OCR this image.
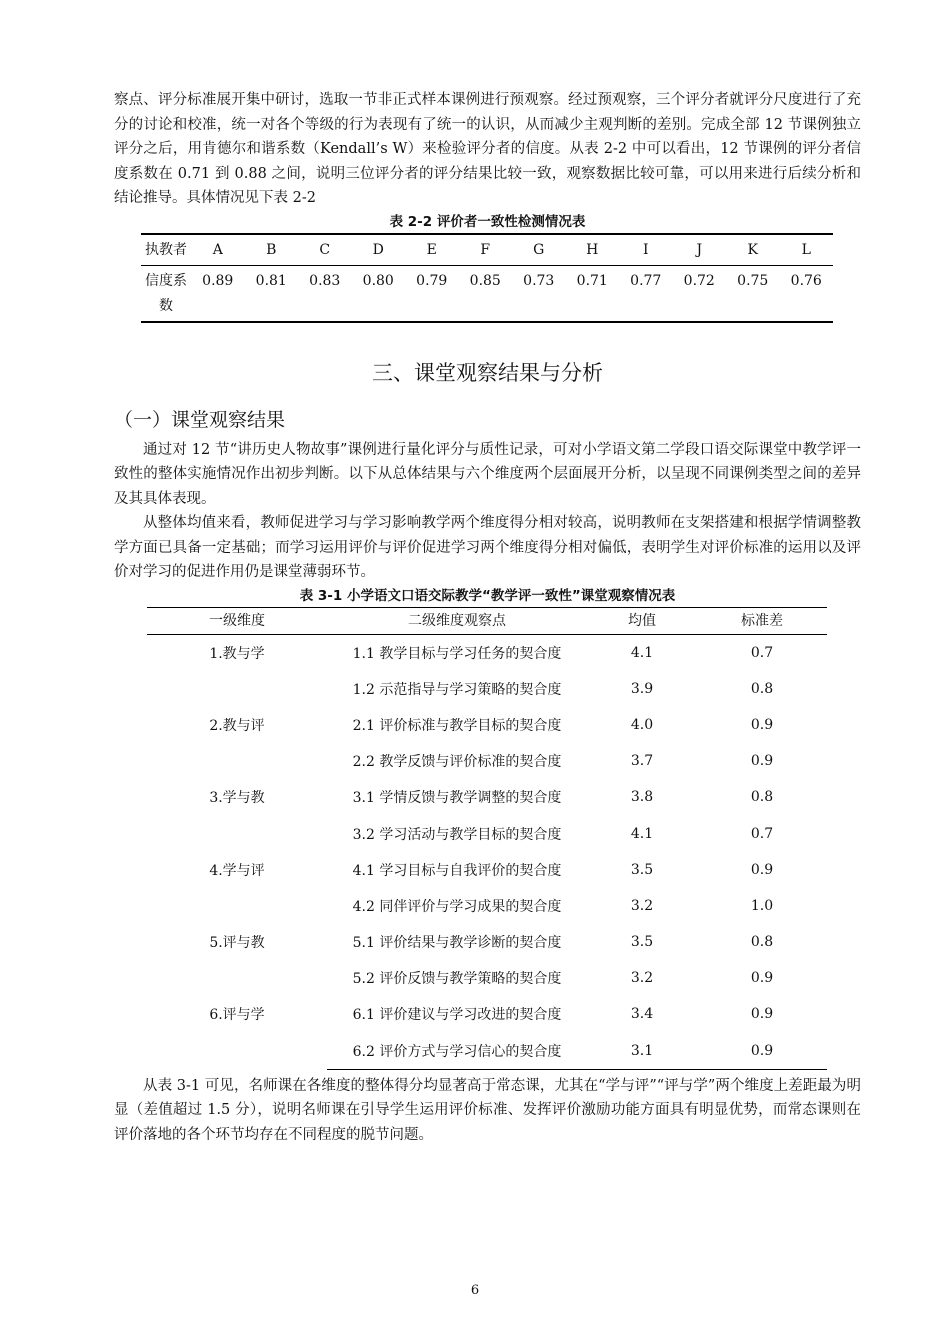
察点、评分标准展开集中研讨，选取一节非正式样本课例进行预观察。经过预观察，三个评分者就评分尺度进行了充分的讨论和校准，统一对各个等级的行为表现有了统一的认识，从而减少主观判断的差别。完成全部 12 节课例独立评分之后，用肯德尔和谐系数（Kendall’s W）来检验评分者的信度。从表 2-2 中可以看出，12 节课例的评分者信度系数在 0.71 到 0.88 之间，说明三位评分者的评分结果比较一致，观察数据比较可靠，可以用来进行后续分析和结论推导。具体情况见下表 2-2

表 2-2 评价者一致性检测情况表

执教者	A	B	C	D	E	F	G	H	I	J	K	L
信度系数	0.89	0.81	0.83	0.80	0.79	0.85	0.73	0.71	0.77	0.72	0.75	0.76
三、课堂观察结果与分析
（一）课堂观察结果

通过对 12 节“讲历史人物故事”课例进行量化评分与质性记录，可对小学语文第二学段口语交际课堂中教学评一致性的整体实施情况作出初步判断。以下从总体结果与六个维度两个层面展开分析，以呈现不同课例类型之间的差异及其具体表现。

从整体均值来看，教师促进学习与学习影响教学两个维度得分相对较高，说明教师在支架搭建和根据学情调整教学方面已具备一定基础；而学习运用评价与评价促进学习两个维度得分相对偏低，表明学生对评价标准的运用以及评价对学习的促进作用仍是课堂薄弱环节。

表 3-1 小学语文口语交际教学“教学评一致性”课堂观察情况表

一级维度	二级维度观察点	均值	标准差
1.教与学	1.1 教学目标与学习任务的契合度	4.1	0.7
	1.2 示范指导与学习策略的契合度	3.9	0.8
2.教与评	2.1 评价标准与教学目标的契合度	4.0	0.9
	2.2 教学反馈与评价标准的契合度	3.7	0.9
3.学与教	3.1 学情反馈与教学调整的契合度	3.8	0.8
	3.2 学习活动与教学目标的契合度	4.1	0.7
4.学与评	4.1 学习目标与自我评价的契合度	3.5	0.9
	4.2 同伴评价与学习成果的契合度	3.2	1.0
5.评与教	5.1 评价结果与教学诊断的契合度	3.5	0.8
	5.2 评价反馈与教学策略的契合度	3.2	0.9
6.评与学	6.1 评价建议与学习改进的契合度	3.4	0.9
	6.2 评价方式与学习信心的契合度	3.1	0.9

从表 3-1 可见，名师课在各维度的整体得分均显著高于常态课，尤其在“学与评”“评与学”两个维度上差距最为明显（差值超过 1.5 分），说明名师课在引导学生运用评价标准、发挥评价激励功能方面具有明显优势，而常态课则在评价落地的各个环节均存在不同程度的脱节问题。

6
